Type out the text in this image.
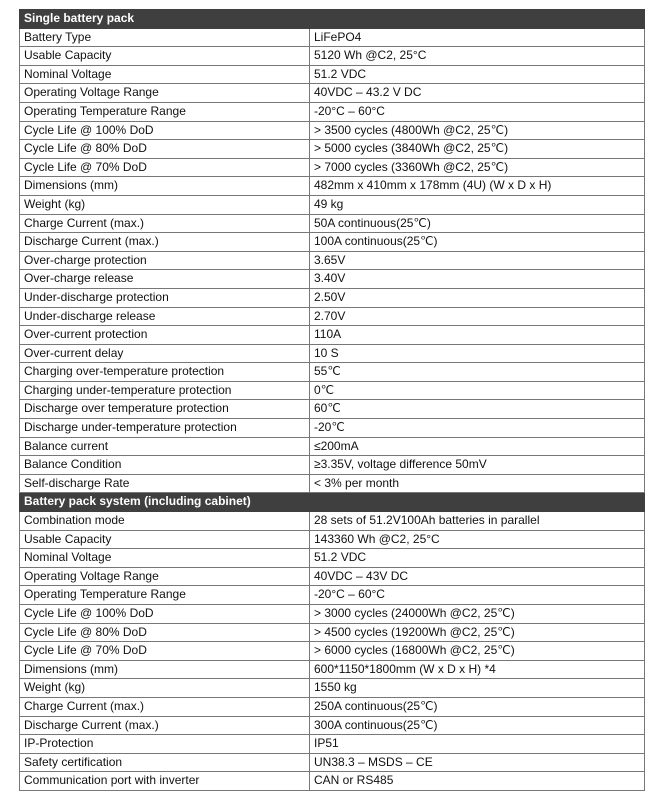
Single battery pack	
Battery Type	LiFePO4
Usable Capacity	5120 Wh @C2, 25°C
Nominal Voltage	51.2 VDC
Operating Voltage Range	40VDC – 43.2 V DC
Operating Temperature Range	-20°C – 60°C
Cycle Life @ 100% DoD	> 3500 cycles (4800Wh @C2, 25℃)
Cycle Life @ 80% DoD	> 5000 cycles (3840Wh @C2, 25℃)
Cycle Life @ 70% DoD	> 7000 cycles (3360Wh @C2, 25℃)
Dimensions (mm)	482mm x 410mm x 178mm (4U) (W x D x H)
Weight (kg)	49 kg
Charge Current (max.)	50A continuous(25℃)
Discharge Current (max.)	100A continuous(25℃)
Over-charge protection	3.65V
Over-charge release	3.40V
Under-discharge protection	2.50V
Under-discharge release	2.70V
Over-current protection	110A
Over-current delay	10 S
Charging over-temperature protection	55℃
Charging under-temperature protection	0℃
Discharge over temperature protection	60℃
Discharge under-temperature protection	-20℃
Balance current	≤200mA
Balance Condition	≥3.35V, voltage difference 50mV
Self-discharge Rate	< 3% per month
Battery pack system (including cabinet)	
Combination mode	28 sets of 51.2V100Ah batteries in parallel
Usable Capacity	143360 Wh @C2, 25°C
Nominal Voltage	51.2 VDC
Operating Voltage Range	40VDC – 43V DC
Operating Temperature Range	-20°C – 60°C
Cycle Life @ 100% DoD	> 3000 cycles (24000Wh @C2, 25℃)
Cycle Life @ 80% DoD	> 4500 cycles (19200Wh @C2, 25℃)
Cycle Life @ 70% DoD	> 6000 cycles (16800Wh @C2, 25℃)
Dimensions (mm)	600*1150*1800mm (W x D x H) *4
Weight (kg)	1550 kg
Charge Current (max.)	250A continuous(25℃)
Discharge Current (max.)	300A continuous(25℃)
IP-Protection	IP51
Safety certification	UN38.3 – MSDS – CE
Communication port with inverter	CAN or RS485
